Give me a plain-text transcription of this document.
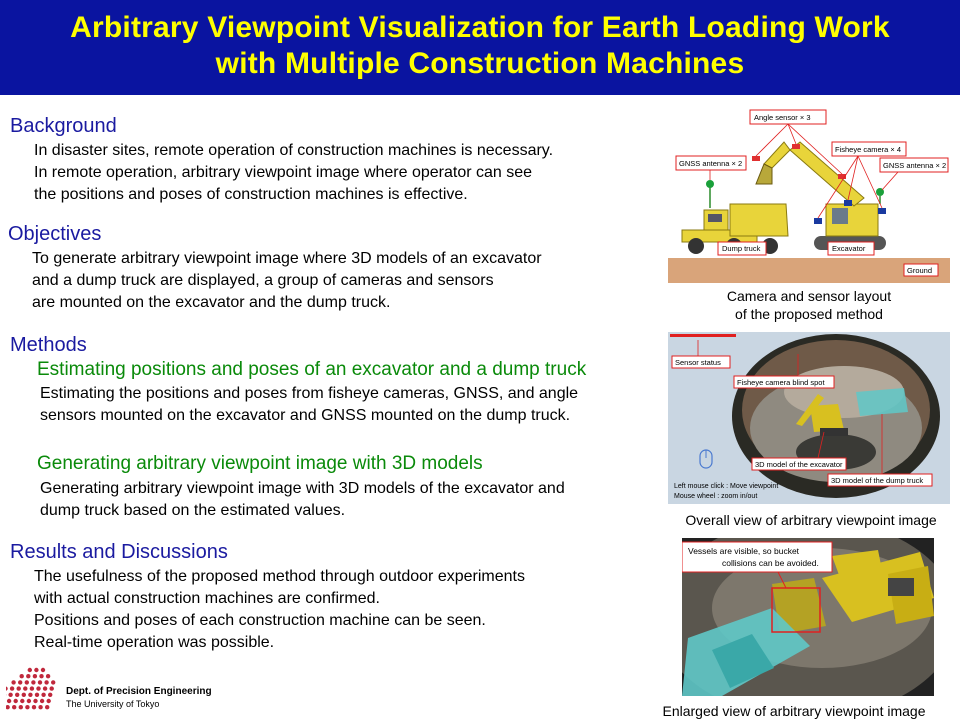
Arbitrary Viewpoint Visualization for Earth Loading Work
with Multiple Construction Machines
Background
In disaster sites, remote operation of construction machines is necessary.
In remote operation, arbitrary viewpoint image where operator can see
the positions and poses of construction machines is effective.
Objectives
To generate arbitrary viewpoint image where 3D models of an excavator
and a dump truck are displayed, a group of cameras and sensors
are mounted on the excavator and the dump truck.
Methods
Estimating positions and poses of an excavator and a dump truck
Estimating the positions and poses from fisheye cameras, GNSS, and angle
sensors mounted on the excavator and GNSS mounted on the dump truck.
Generating arbitrary viewpoint image with 3D models
Generating arbitrary viewpoint image with 3D models of the excavator and
dump truck based on the estimated values.
Results and Discussions
The usefulness of the proposed method through outdoor experiments
with actual construction machines are confirmed.
Positions and poses of each construction machine can be seen.
Real-time operation was possible.
Angle sensor × 3
GNSS antenna × 2
Fisheye camera × 4
GNSS antenna × 2
Dump truck	Excavator
Ground
Camera and sensor layout
of the proposed method
Sensor status
Fisheye camera blind spot
3D model of the excavator
3D model of the dump truck
Left mouse click : Move viewpoint
Mouse wheel : zoom in/out
Overall view of arbitrary viewpoint image
Vessels are visible, so bucket
collisions can be avoided.
Enlarged view of arbitrary viewpoint image
Dept. of Precision Engineering
The University of Tokyo
